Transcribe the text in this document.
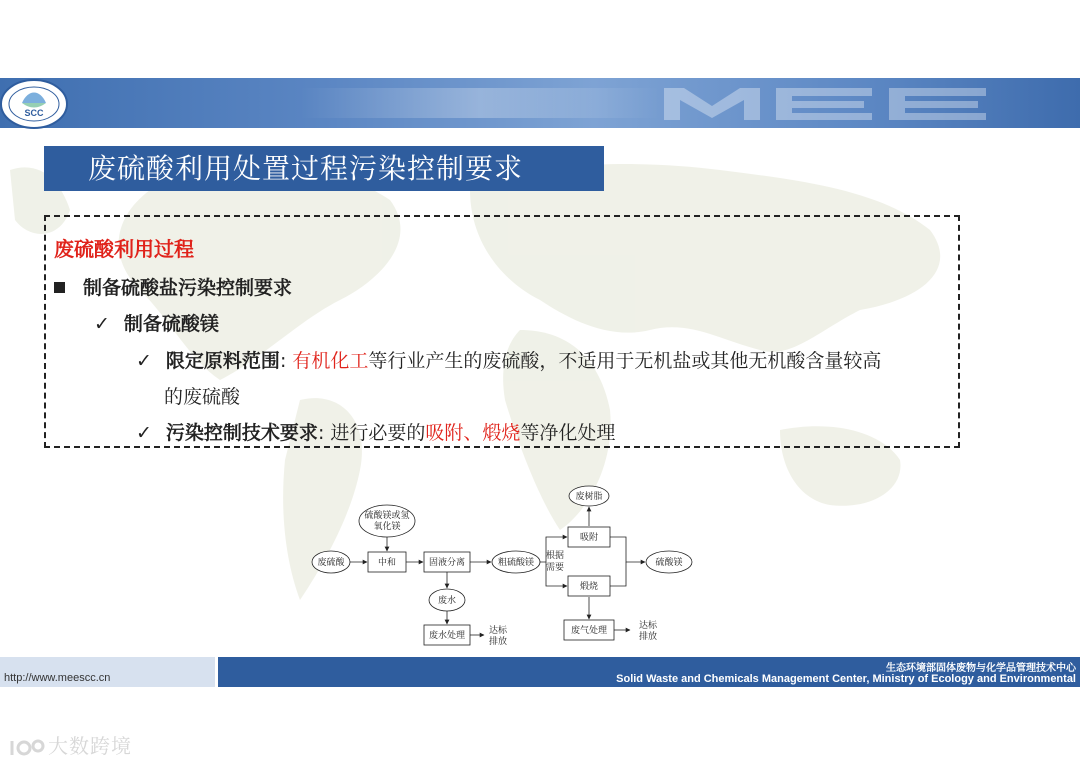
SCC
废硫酸利用处置过程污染控制要求
废硫酸利用过程
制备硫酸盐污染控制要求
✓ 制备硫酸镁
✓ 限定原料范围: 有机化工等行业产生的废硫酸，不适用于无机盐或其他无机酸含量较高
的废硫酸
✓ 污染控制技术要求: 进行必要的吸附、煅烧等净化处理
废硫酸	中和
硫酸镁或氢
氧化镁
固液分离	粗硫酸镁
根据
需要
吸附
废树脂
煅烧
硫酸镁
废水
废水处理	废气处理
达标
排放
达标
排放
http://www.meescc.cn
生态环境部固体废物与化学品管理技术中心
Solid Waste and Chemicals Management Center, Ministry of Ecology and Environmental
大数跨境
